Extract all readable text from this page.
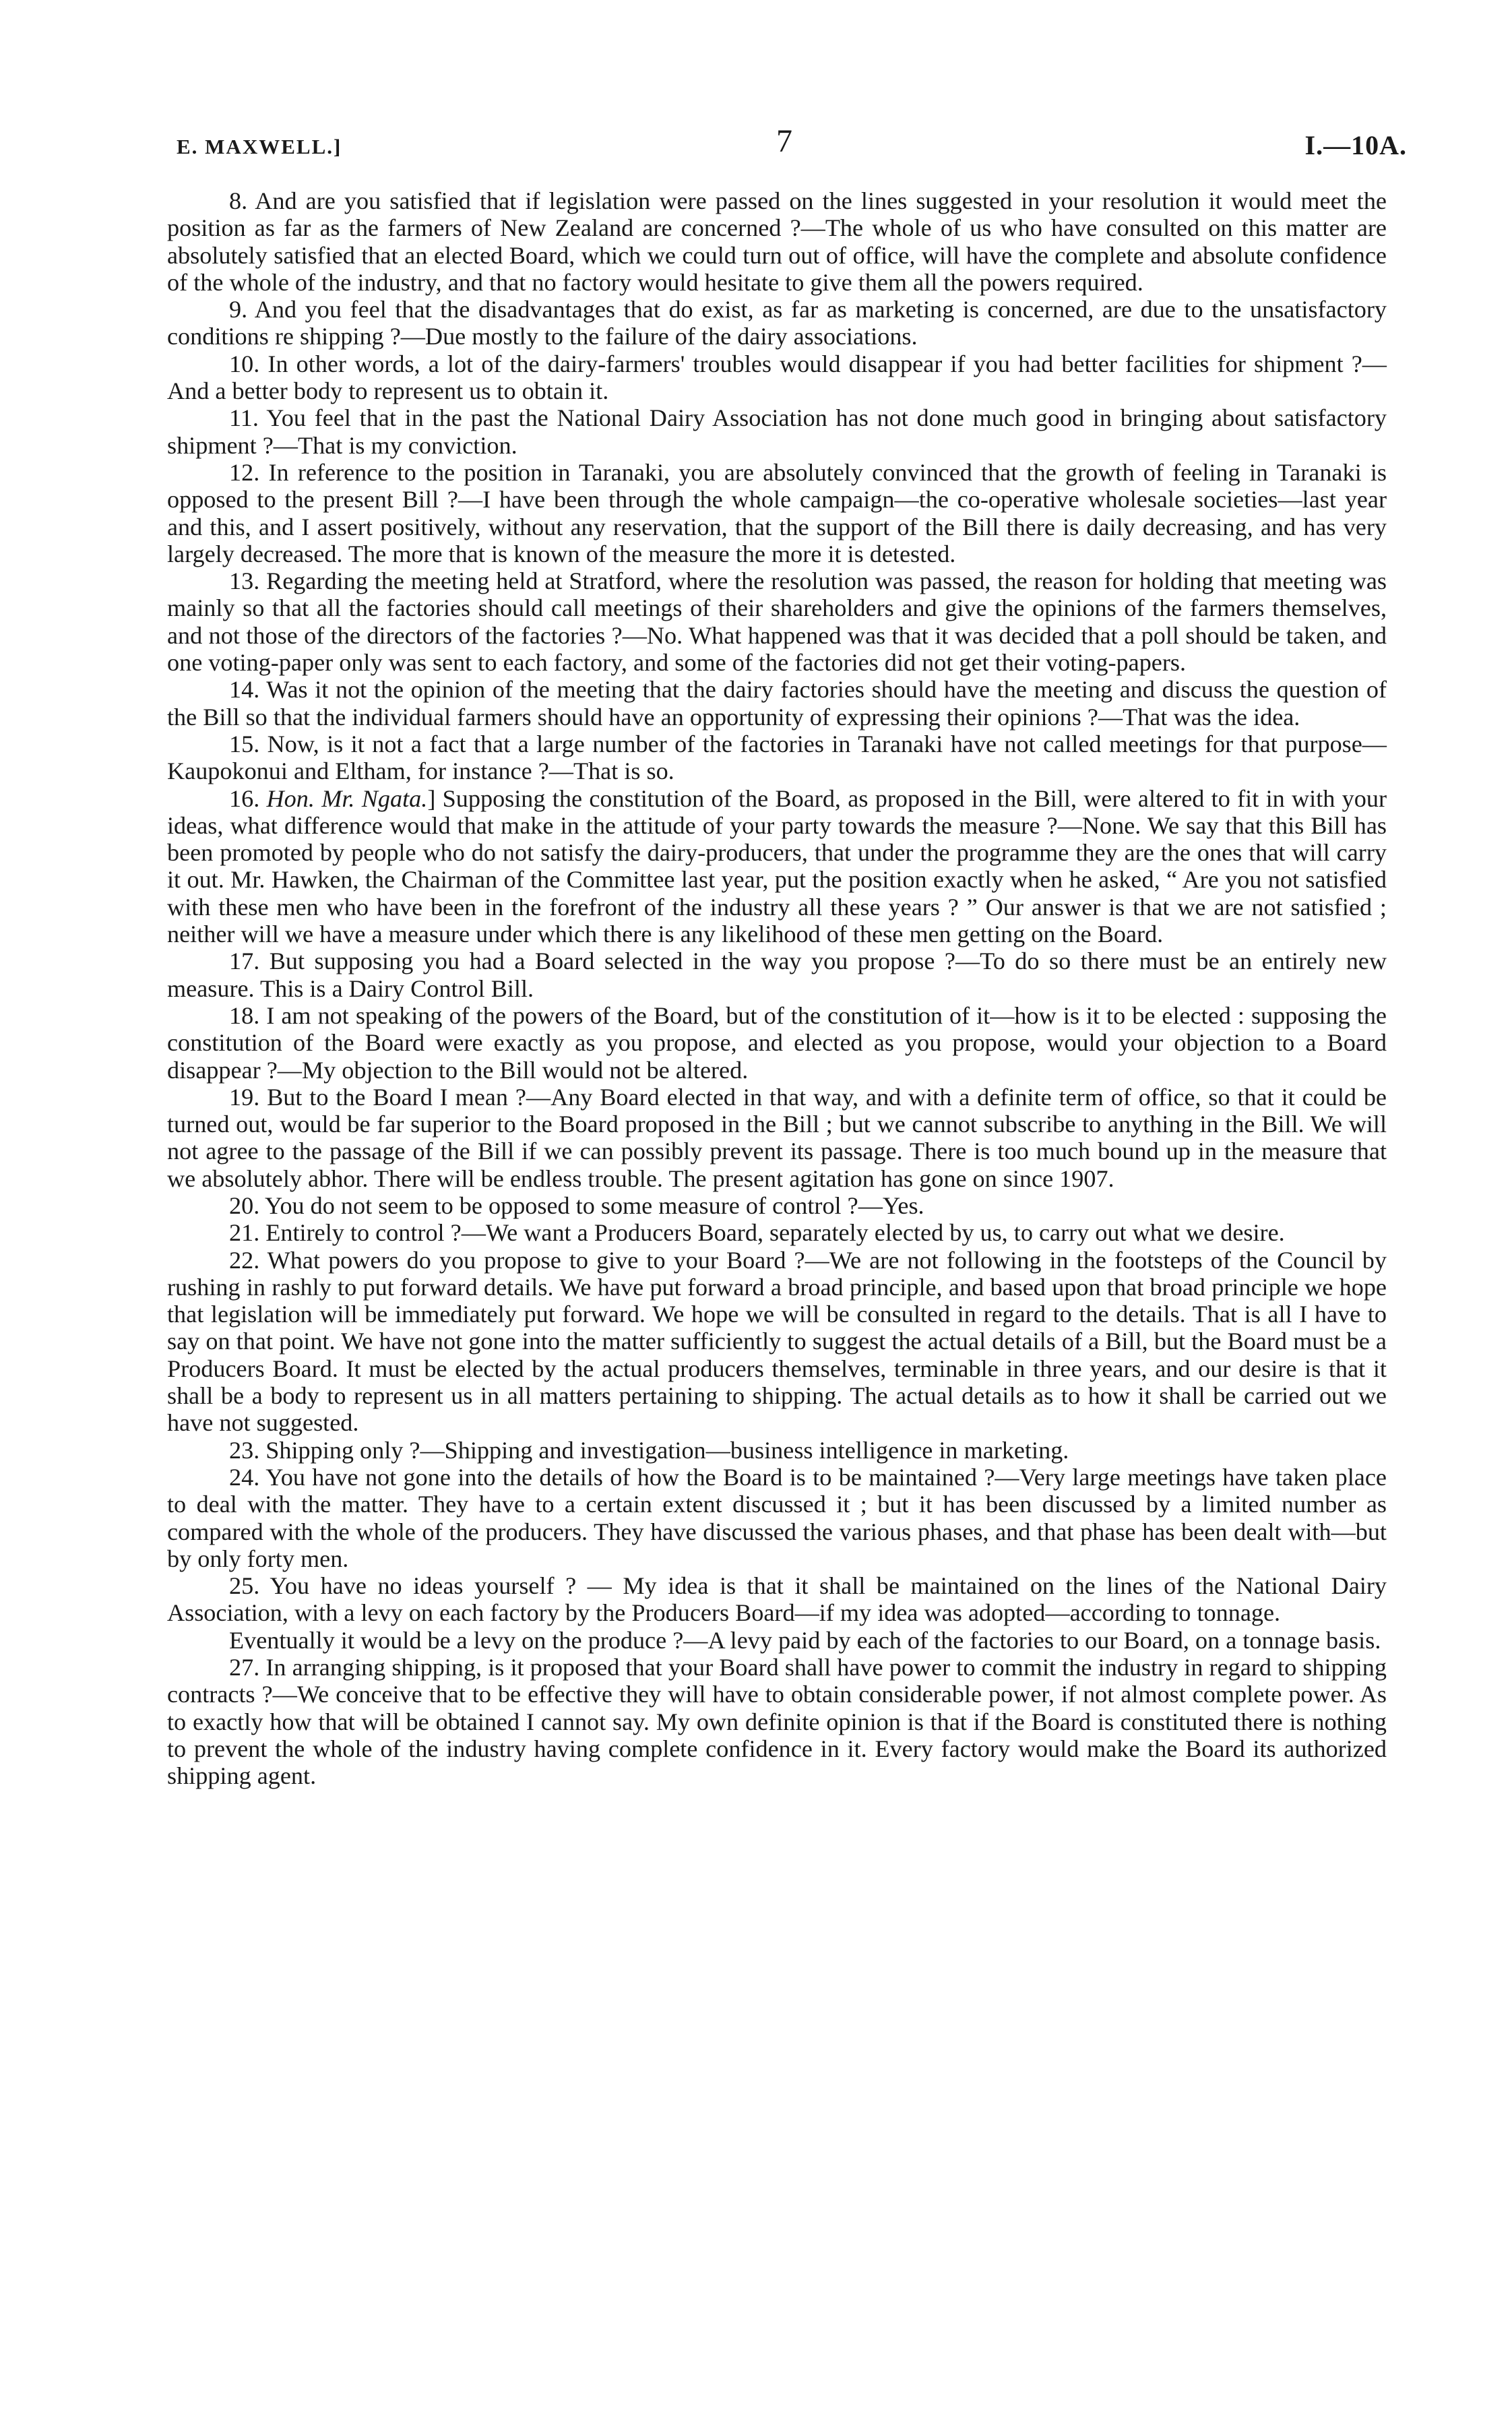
E. MAXWELL.]	7	I.—10A.

8. And are you satisfied that if legislation were passed on the lines suggested in your resolution it would meet the position as far as the farmers of New Zealand are concerned ?—The whole of us who have consulted on this matter are absolutely satisfied that an elected Board, which we could turn out of office, will have the complete and absolute confidence of the whole of the industry, and that no factory would hesitate to give them all the powers required.

9. And you feel that the disadvantages that do exist, as far as marketing is concerned, are due to the unsatisfactory conditions re shipping ?—Due mostly to the failure of the dairy associations.

10. In other words, a lot of the dairy-farmers' troubles would disappear if you had better facilities for shipment ?—And a better body to represent us to obtain it.

11. You feel that in the past the National Dairy Association has not done much good in bringing about satisfactory shipment ?—That is my conviction.

12. In reference to the position in Taranaki, you are absolutely convinced that the growth of feeling in Taranaki is opposed to the present Bill ?—I have been through the whole campaign—the co-operative wholesale societies—last year and this, and I assert positively, without any reservation, that the support of the Bill there is daily decreasing, and has very largely decreased. The more that is known of the measure the more it is detested.

13. Regarding the meeting held at Stratford, where the resolution was passed, the reason for holding that meeting was mainly so that all the factories should call meetings of their shareholders and give the opinions of the farmers themselves, and not those of the directors of the factories ?—No. What happened was that it was decided that a poll should be taken, and one voting-paper only was sent to each factory, and some of the factories did not get their voting-papers.

14. Was it not the opinion of the meeting that the dairy factories should have the meeting and discuss the question of the Bill so that the individual farmers should have an opportunity of expressing their opinions ?—That was the idea.

15. Now, is it not a fact that a large number of the factories in Taranaki have not called meetings for that purpose—Kaupokonui and Eltham, for instance ?—That is so.

16. Hon. Mr. Ngata.] Supposing the constitution of the Board, as proposed in the Bill, were altered to fit in with your ideas, what difference would that make in the attitude of your party towards the measure ?—None. We say that this Bill has been promoted by people who do not satisfy the dairy-producers, that under the programme they are the ones that will carry it out. Mr. Hawken, the Chairman of the Committee last year, put the position exactly when he asked, “ Are you not satisfied with these men who have been in the forefront of the industry all these years ? ” Our answer is that we are not satisfied ; neither will we have a measure under which there is any likelihood of these men getting on the Board.

17. But supposing you had a Board selected in the way you propose ?—To do so there must be an entirely new measure. This is a Dairy Control Bill.

18. I am not speaking of the powers of the Board, but of the constitution of it—how is it to be elected : supposing the constitution of the Board were exactly as you propose, and elected as you propose, would your objection to a Board disappear ?—My objection to the Bill would not be altered.

19. But to the Board I mean ?—Any Board elected in that way, and with a definite term of office, so that it could be turned out, would be far superior to the Board proposed in the Bill ; but we cannot subscribe to anything in the Bill. We will not agree to the passage of the Bill if we can possibly prevent its passage. There is too much bound up in the measure that we absolutely abhor. There will be endless trouble. The present agitation has gone on since 1907.

20. You do not seem to be opposed to some measure of control ?—Yes.

21. Entirely to control ?—We want a Producers Board, separately elected by us, to carry out what we desire.

22. What powers do you propose to give to your Board ?—We are not following in the footsteps of the Council by rushing in rashly to put forward details. We have put forward a broad principle, and based upon that broad principle we hope that legislation will be immediately put forward. We hope we will be consulted in regard to the details. That is all I have to say on that point. We have not gone into the matter sufficiently to suggest the actual details of a Bill, but the Board must be a Producers Board. It must be elected by the actual producers themselves, terminable in three years, and our desire is that it shall be a body to represent us in all matters pertaining to shipping. The actual details as to how it shall be carried out we have not suggested.

23. Shipping only ?—Shipping and investigation—business intelligence in marketing.

24. You have not gone into the details of how the Board is to be maintained ?—Very large meetings have taken place to deal with the matter. They have to a certain extent discussed it ; but it has been discussed by a limited number as compared with the whole of the producers. They have discussed the various phases, and that phase has been dealt with—but by only forty men.

25. You have no ideas yourself ? — My idea is that it shall be maintained on the lines of the National Dairy Association, with a levy on each factory by the Producers Board—if my idea was adopted—according to tonnage.

Eventually it would be a levy on the produce ?—A levy paid by each of the factories to our Board, on a tonnage basis.

27. In arranging shipping, is it proposed that your Board shall have power to commit the industry in regard to shipping contracts ?—We conceive that to be effective they will have to obtain considerable power, if not almost complete power. As to exactly how that will be obtained I cannot say. My own definite opinion is that if the Board is constituted there is nothing to prevent the whole of the industry having complete confidence in it. Every factory would make the Board its authorized shipping agent.
